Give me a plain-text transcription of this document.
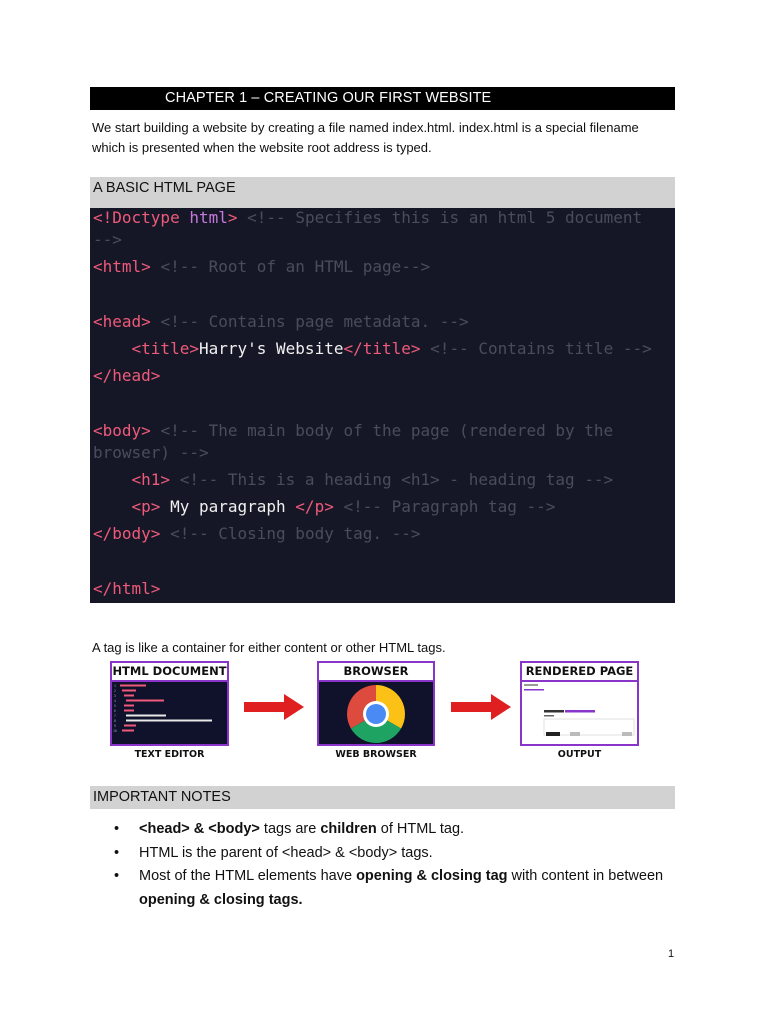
CHAPTER 1 – CREATING OUR FIRST WEBSITE
We start building a website by creating a file named index.html. index.html is a special filename which is presented when the website root address is typed.
A BASIC HTML PAGE
<!Doctype html> <!-- Specifies this is an html 5 document
-->
<html> <!-- Root of an HTML page-->
<head> <!-- Contains page metadata. -->
<title>Harry's Website</title> <!-- Contains title -->
</head>
<body> <!-- The main body of the page (rendered by the
browser) -->
<h1> <!-- This is a heading <h1> - heading tag -->
<p> My paragraph </p> <!-- Paragraph tag -->
</body> <!-- Closing body tag. -->
</html>
A tag is like a container for either content or other HTML tags.
HTML DOCUMENT
1
2
3
4
5
6
7
8
9
10
TEXT EDITOR
BROWSER
WEB BROWSER
RENDERED PAGE
OUTPUT
IMPORTANT NOTES
• <head> & <body> tags are children of HTML tag.
• HTML is the parent of <head> & <body> tags.
• Most of the HTML elements have opening & closing tag with content in between opening & closing tags.
1
